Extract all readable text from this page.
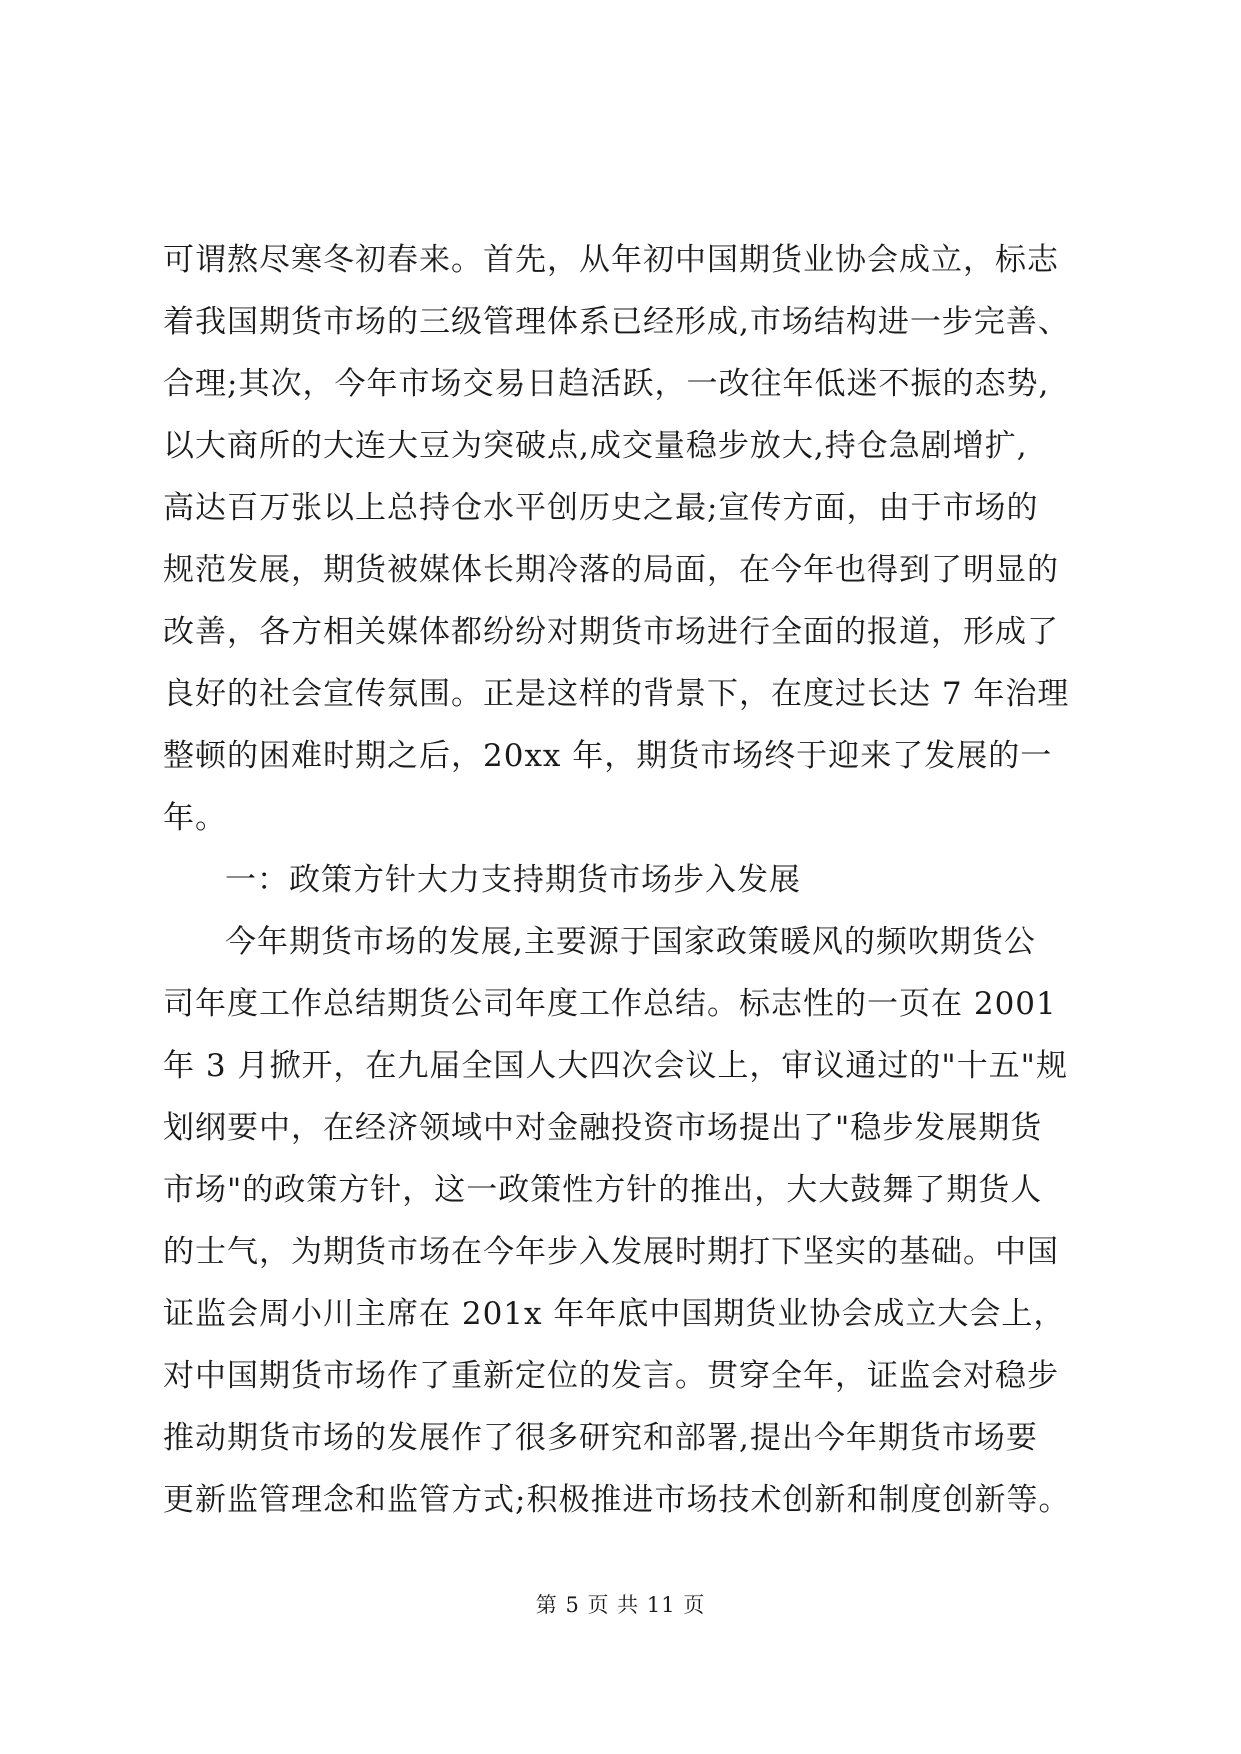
可谓熬尽寒冬初春来。首先，从年初中国期货业协会成立，标志
着我国期货市场的三级管理体系已经形成,市场结构进一步完善、
合理;其次，今年市场交易日趋活跃，一改往年低迷不振的态势,
以大商所的大连大豆为突破点,成交量稳步放大,持仓急剧增扩,
高达百万张以上总持仓水平创历史之最;宣传方面，由于市场的
规范发展，期货被媒体长期冷落的局面，在今年也得到了明显的
改善，各方相关媒体都纷纷对期货市场进行全面的报道，形成了
良好的社会宣传氛围。正是这样的背景下，在度过长达 7 年治理
整顿的困难时期之后，20xx 年，期货市场终于迎来了发展的一
年。
一：政策方针大力支持期货市场步入发展
今年期货市场的发展,主要源于国家政策暖风的频吹期货公
司年度工作总结期货公司年度工作总结。标志性的一页在 2001
年 3 月掀开，在九届全国人大四次会议上，审议通过的"十五"规
划纲要中，在经济领域中对金融投资市场提出了"稳步发展期货
市场"的政策方针，这一政策性方针的推出，大大鼓舞了期货人
的士气，为期货市场在今年步入发展时期打下坚实的基础。中国
证监会周小川主席在 201x 年年底中国期货业协会成立大会上，
对中国期货市场作了重新定位的发言。贯穿全年，证监会对稳步
推动期货市场的发展作了很多研究和部署,提出今年期货市场要
更新监管理念和监管方式;积极推进市场技术创新和制度创新等。
第 5 页 共 11 页
